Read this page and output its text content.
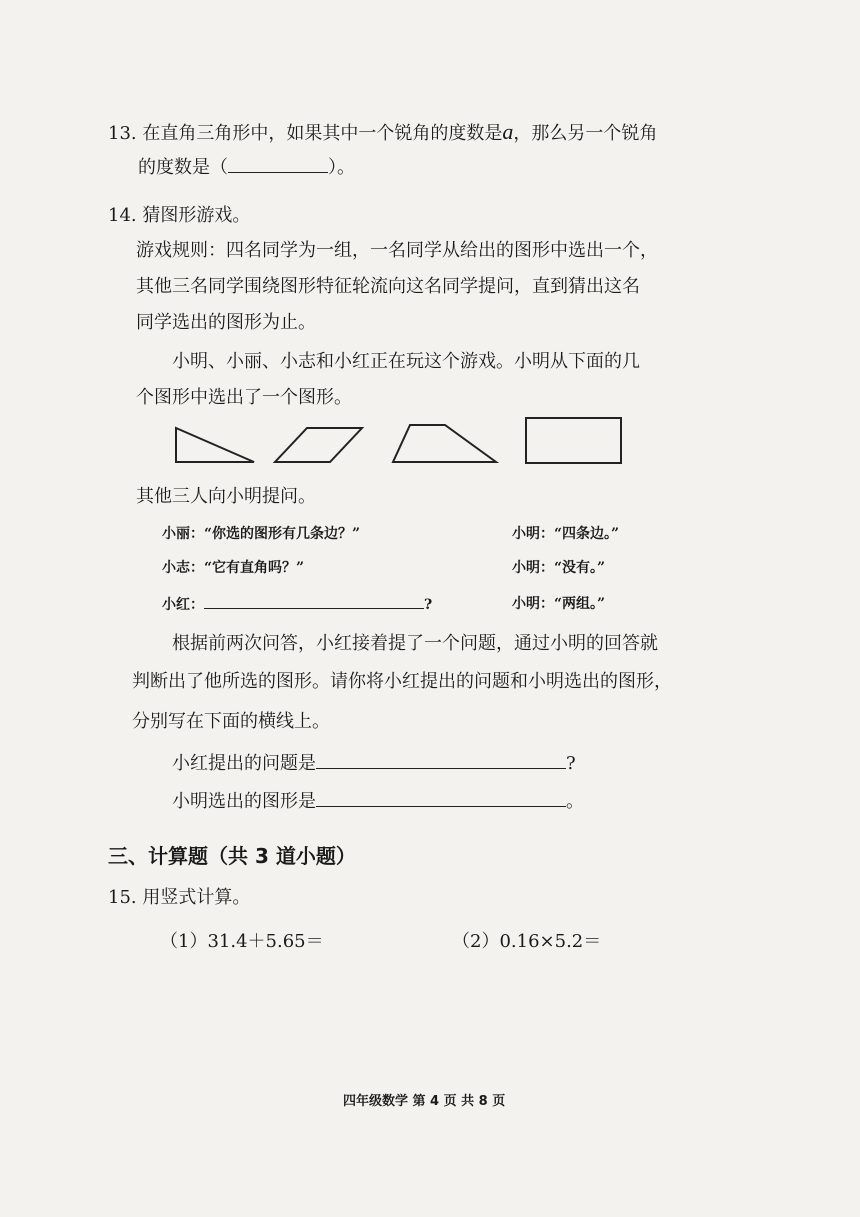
13. 在直角三角形中，如果其中一个锐角的度数是a，那么另一个锐角
的度数是（	）。
14. 猜图形游戏。
游戏规则：四名同学为一组，一名同学从给出的图形中选出一个，
其他三名同学围绕图形特征轮流向这名同学提问，直到猜出这名
同学选出的图形为止。
小明、小丽、小志和小红正在玩这个游戏。小明从下面的几
个图形中选出了一个图形。
其他三人向小明提问。
小丽：“你选的图形有几条边？”	小明：“四条边。”
小志：“它有直角吗？”	小明：“没有。”
小红：	?	小明：“两组。”
根据前两次问答，小红接着提了一个问题，通过小明的回答就
判断出了他所选的图形。请你将小红提出的问题和小明选出的图形，
分别写在下面的横线上。
小红提出的问题是	?
小明选出的图形是	。
三、计算题（共 3 道小题）
15. 用竖式计算。
（1）31.4＋5.65＝	（2）0.16×5.2＝
四年级数学 第 4 页 共 8 页
